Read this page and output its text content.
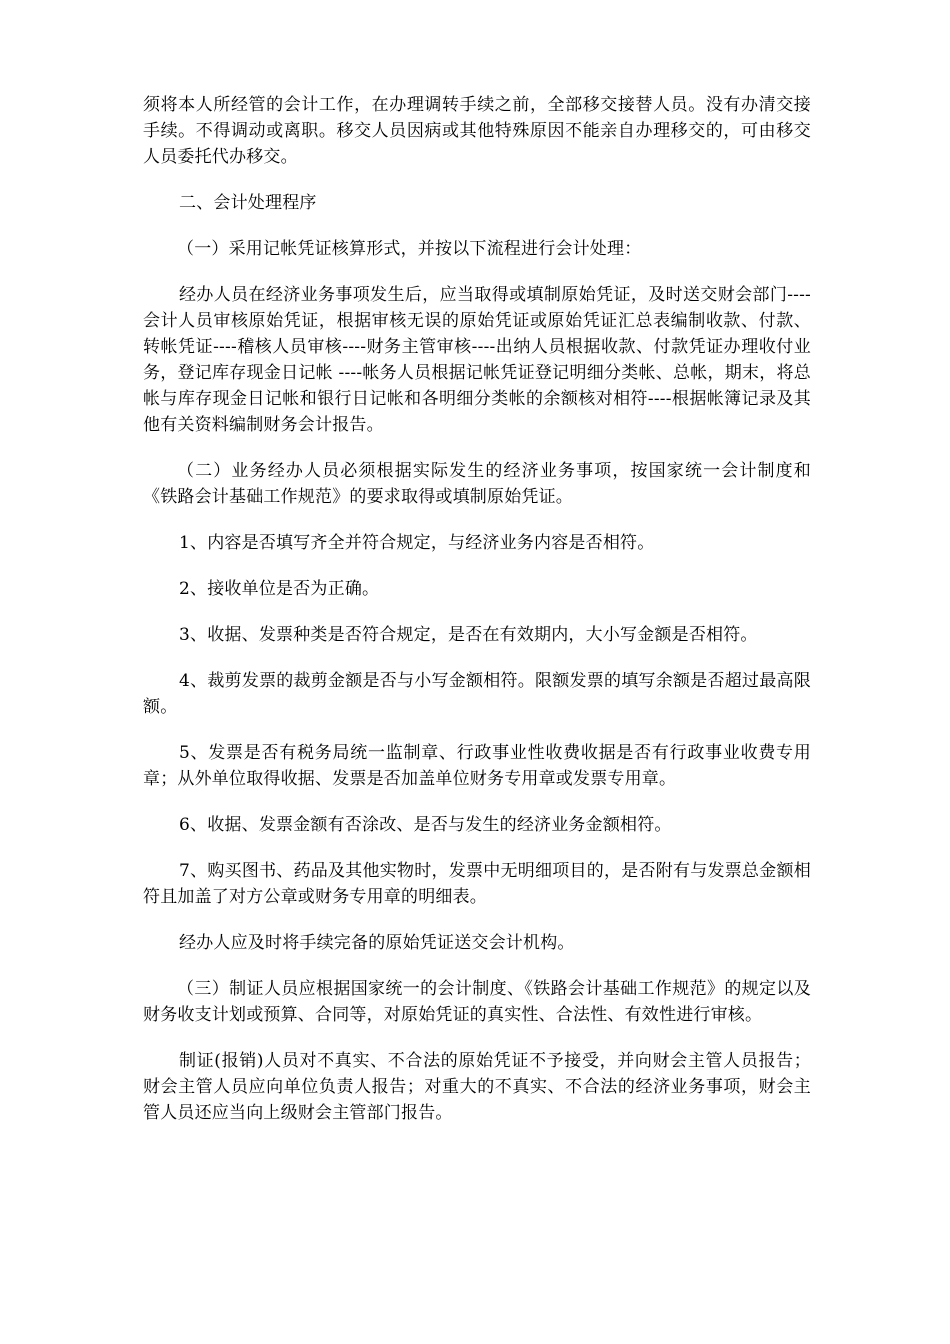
须将本人所经管的会计工作，在办理调转手续之前，全部移交接替人员。没有办清交接手续。不得调动或离职。移交人员因病或其他特殊原因不能亲自办理移交的，可由移交人员委托代办移交。

二、会计处理程序

（一）采用记帐凭证核算形式，并按以下流程进行会计处理：

经办人员在经济业务事项发生后，应当取得或填制原始凭证，及时送交财会部门----会计人员审核原始凭证，根据审核无误的原始凭证或原始凭证汇总表编制收款、付款、转帐凭证----稽核人员审核----财务主管审核----出纳人员根据收款、付款凭证办理收付业务，登记库存现金日记帐 ----帐务人员根据记帐凭证登记明细分类帐、总帐，期末，将总帐与库存现金日记帐和银行日记帐和各明细分类帐的余额核对相符----根据帐簿记录及其他有关资料编制财务会计报告。

（二）业务经办人员必须根据实际发生的经济业务事项，按国家统一会计制度和《铁路会计基础工作规范》的要求取得或填制原始凭证。

1、内容是否填写齐全并符合规定，与经济业务内容是否相符。

2、接收单位是否为正确。

3、收据、发票种类是否符合规定，是否在有效期内，大小写金额是否相符。

4、裁剪发票的裁剪金额是否与小写金额相符。限额发票的填写余额是否超过最高限额。

5、发票是否有税务局统一监制章、行政事业性收费收据是否有行政事业收费专用章；从外单位取得收据、发票是否加盖单位财务专用章或发票专用章。

6、收据、发票金额有否涂改、是否与发生的经济业务金额相符。

7、购买图书、药品及其他实物时，发票中无明细项目的，是否附有与发票总金额相符且加盖了对方公章或财务专用章的明细表。

经办人应及时将手续完备的原始凭证送交会计机构。

（三）制证人员应根据国家统一的会计制度、《铁路会计基础工作规范》的规定以及财务收支计划或预算、合同等，对原始凭证的真实性、合法性、有效性进行审核。

制证(报销)人员对不真实、不合法的原始凭证不予接受，并向财会主管人员报告；财会主管人员应向单位负责人报告；对重大的不真实、不合法的经济业务事项，财会主管人员还应当向上级财会主管部门报告。
